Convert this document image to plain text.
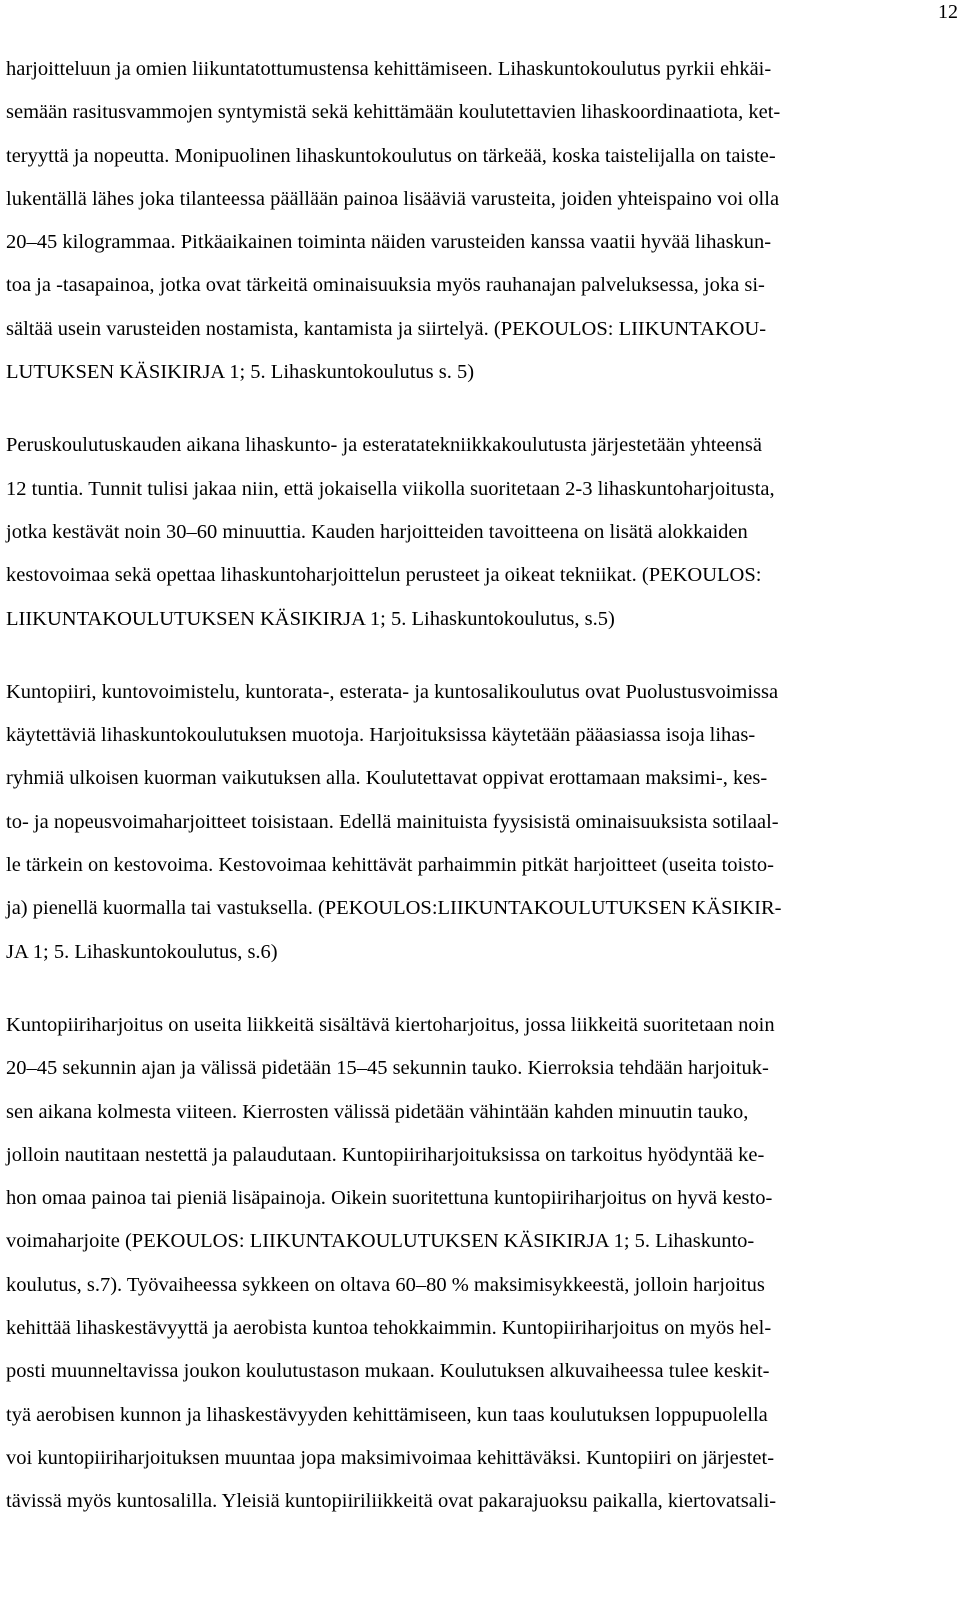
12
harjoitteluun ja omien liikuntatottumustensa kehittämiseen. Lihaskuntokoulutus pyrkii ehkäi-
semään rasitusvammojen syntymistä sekä kehittämään koulutettavien lihaskoordinaatiota, ket-
teryyttä ja nopeutta. Monipuolinen lihaskuntokoulutus on tärkeää, koska taistelijalla on taiste-
lukentällä lähes joka tilanteessa päällään painoa lisääviä varusteita, joiden yhteispaino voi olla
20–45 kilogrammaa. Pitkäaikainen toiminta näiden varusteiden kanssa vaatii hyvää lihaskun-
toa ja -tasapainoa, jotka ovat tärkeitä ominaisuuksia myös rauhanajan palveluksessa, joka si-
sältää usein varusteiden nostamista, kantamista ja siirtelyä. (PEKOULOS: LIIKUNTAKOU-
LUTUKSEN KÄSIKIRJA 1; 5. Lihaskuntokoulutus s. 5)
Peruskoulutuskauden aikana lihaskunto- ja esteratatekniikkakoulutusta järjestetään yhteensä
12 tuntia. Tunnit tulisi jakaa niin, että jokaisella viikolla suoritetaan 2-3 lihaskuntoharjoitusta,
jotka kestävät noin 30–60 minuuttia. Kauden harjoitteiden tavoitteena on lisätä alokkaiden
kestovoimaa sekä opettaa lihaskuntoharjoittelun perusteet ja oikeat tekniikat. (PEKOULOS:
LIIKUNTAKOULUTUKSEN KÄSIKIRJA 1; 5. Lihaskuntokoulutus, s.5)
Kuntopiiri, kuntovoimistelu, kuntorata-, esterata- ja kuntosalikoulutus ovat Puolustusvoimissa
käytettäviä lihaskuntokoulutuksen muotoja. Harjoituksissa käytetään pääasiassa isoja lihas-
ryhmiä ulkoisen kuorman vaikutuksen alla. Koulutettavat oppivat erottamaan maksimi-, kes-
to- ja nopeusvoimaharjoitteet toisistaan. Edellä mainituista fyysisistä ominaisuuksista sotilaal-
le tärkein on kestovoima. Kestovoimaa kehittävät parhaimmin pitkät harjoitteet (useita toisto-
ja) pienellä kuormalla tai vastuksella. (PEKOULOS:LIIKUNTAKOULUTUKSEN KÄSIKIR-
JA 1; 5. Lihaskuntokoulutus, s.6)
Kuntopiiriharjoitus on useita liikkeitä sisältävä kiertoharjoitus, jossa liikkeitä suoritetaan noin
20–45 sekunnin ajan ja välissä pidetään 15–45 sekunnin tauko. Kierroksia tehdään harjoituk-
sen aikana kolmesta viiteen. Kierrosten välissä pidetään vähintään kahden minuutin tauko,
jolloin nautitaan nestettä ja palaudutaan. Kuntopiiriharjoituksissa on tarkoitus hyödyntää ke-
hon omaa painoa tai pieniä lisäpainoja. Oikein suoritettuna kuntopiiriharjoitus on hyvä kesto-
voimaharjoite (PEKOULOS: LIIKUNTAKOULUTUKSEN KÄSIKIRJA 1; 5. Lihaskunto-
koulutus, s.7). Työvaiheessa sykkeen on oltava 60–80 % maksimisykkeestä, jolloin harjoitus
kehittää lihaskestävyyttä ja aerobista kuntoa tehokkaimmin. Kuntopiiriharjoitus on myös hel-
posti muunneltavissa joukon koulutustason mukaan. Koulutuksen alkuvaiheessa tulee keskit-
tyä aerobisen kunnon ja lihaskestävyyden kehittämiseen, kun taas koulutuksen loppupuolella
voi kuntopiiriharjoituksen muuntaa jopa maksimivoimaa kehittäväksi. Kuntopiiri on järjestet-
tävissä myös kuntosalilla. Yleisiä kuntopiiriliikkeitä ovat pakarajuoksu paikalla, kiertovatsali-
